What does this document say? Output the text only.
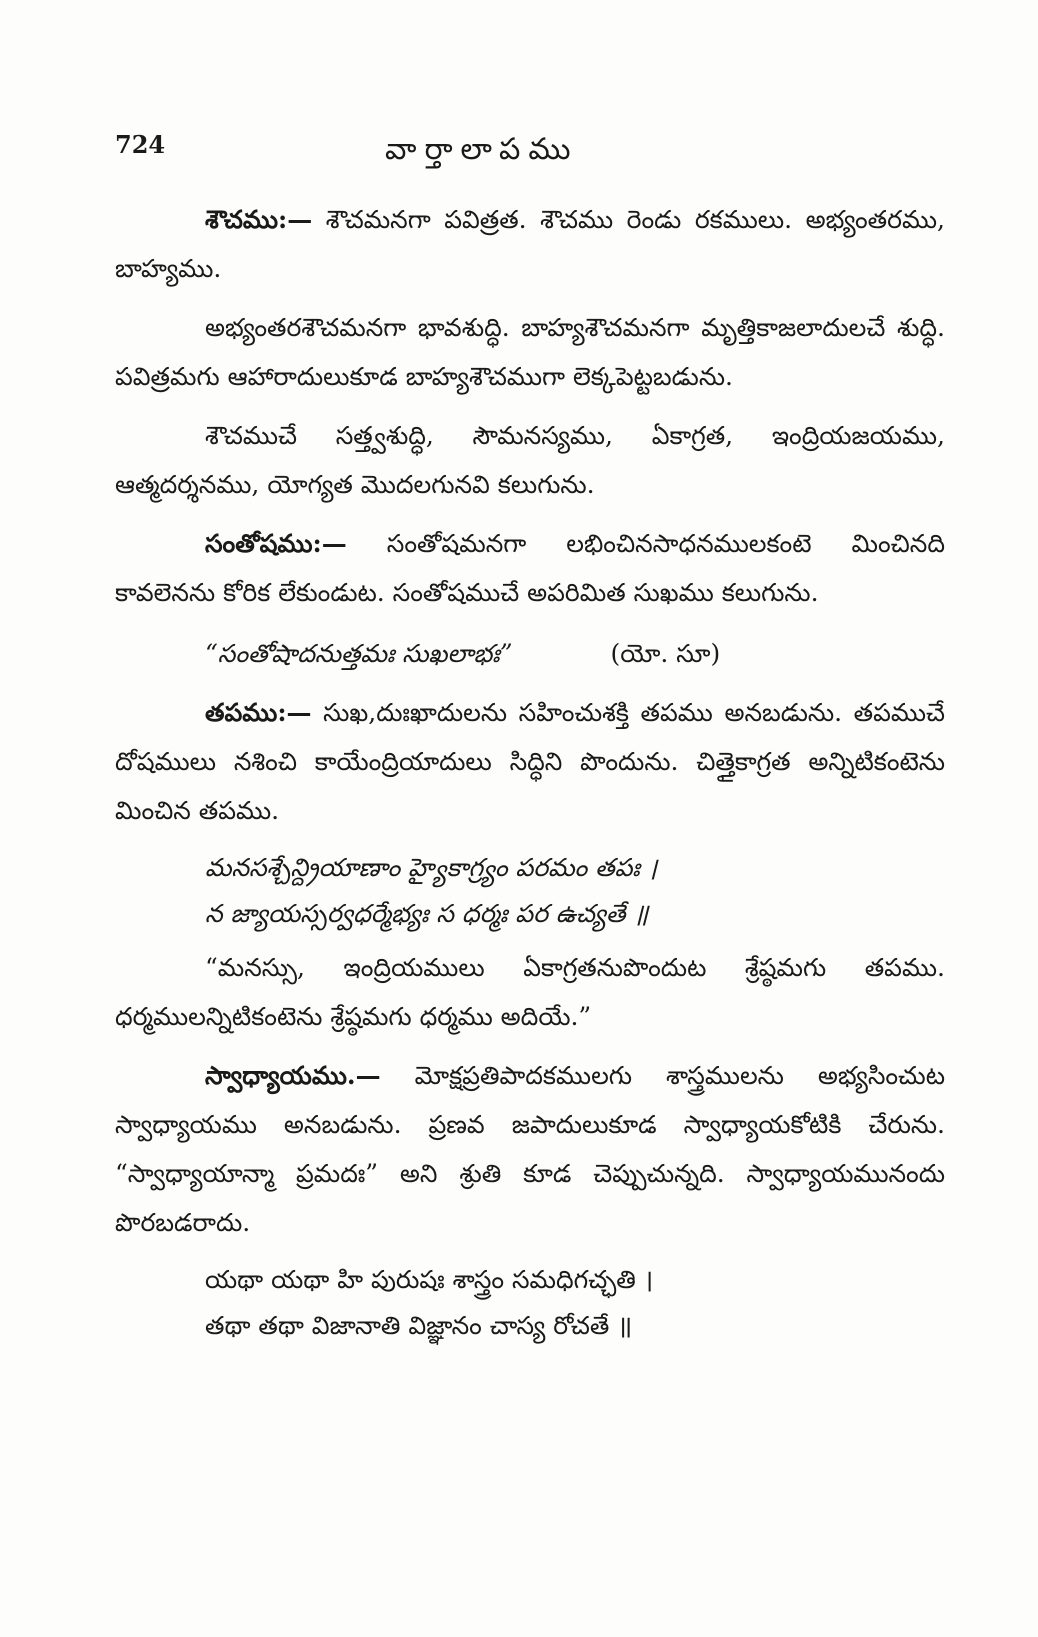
724	వార్తాలాపము

శౌచము:— శౌచమనగా పవిత్రత. శౌచము రెండు రకములు. అభ్యంతరము, బాహ్యము.

అభ్యంతరశౌచమనగా భావశుద్ధి. బాహ్యశౌచమనగా మృత్తికాజలాదులచే శుద్ధి. పవిత్రమగు ఆహారాదులుకూడ బాహ్యశౌచముగా లెక్కపెట్టబడును.

శౌచముచే సత్త్వశుద్ధి, సౌమనస్యము, ఏకాగ్రత, ఇంద్రియజయము, ఆత్మదర్శనము, యోగ్యత మొదలగునవి కలుగును.

సంతోషము:— సంతోషమనగా లభించినసాధనములకంటె మించినది కావలెనను కోరిక లేకుండుట. సంతోషముచే అపరిమిత సుఖము కలుగును.

“సంతోషాదనుత్తమః సుఖలాభః”	(యో. సూ)

తపము:— సుఖ,దుఃఖాదులను సహించుశక్తి తపము అనబడును. తపముచే దోషములు నశించి కాయేంద్రియాదులు సిద్ధిని పొందును. చిత్తైకాగ్రత అన్నిటికంటెను మించిన తపము.

మనసశ్చేన్ద్రియాణాం హ్యైకాగ్ర్యం పరమం తపః ।
న జ్యాయస్సర్వధర్మేభ్యః స ధర్మః పర ఉచ్యతే ॥

“మనస్సు, ఇంద్రియములు ఏకాగ్రతనుపొందుట శ్రేష్ఠమగు తపము. ధర్మములన్నిటికంటెను శ్రేష్ఠమగు ధర్మము అదియే.”

స్వాధ్యాయము.— మోక్షప్రతిపాదకములగు శాస్త్రములను అభ్యసించుట స్వాధ్యాయము అనబడును. ప్రణవ జపాదులుకూడ స్వాధ్యాయకోటికి చేరును. “స్వాధ్యాయాన్మా ప్రమదః” అని శ్రుతి కూడ చెప్పుచున్నది. స్వాధ్యాయమునందు పొరబడరాదు.

యథా యథా హి పురుషః శాస్త్రం సమధిగచ్ఛతి ।
తథా తథా విజానాతి విజ్ఞానం చాస్య రోచతే ॥
